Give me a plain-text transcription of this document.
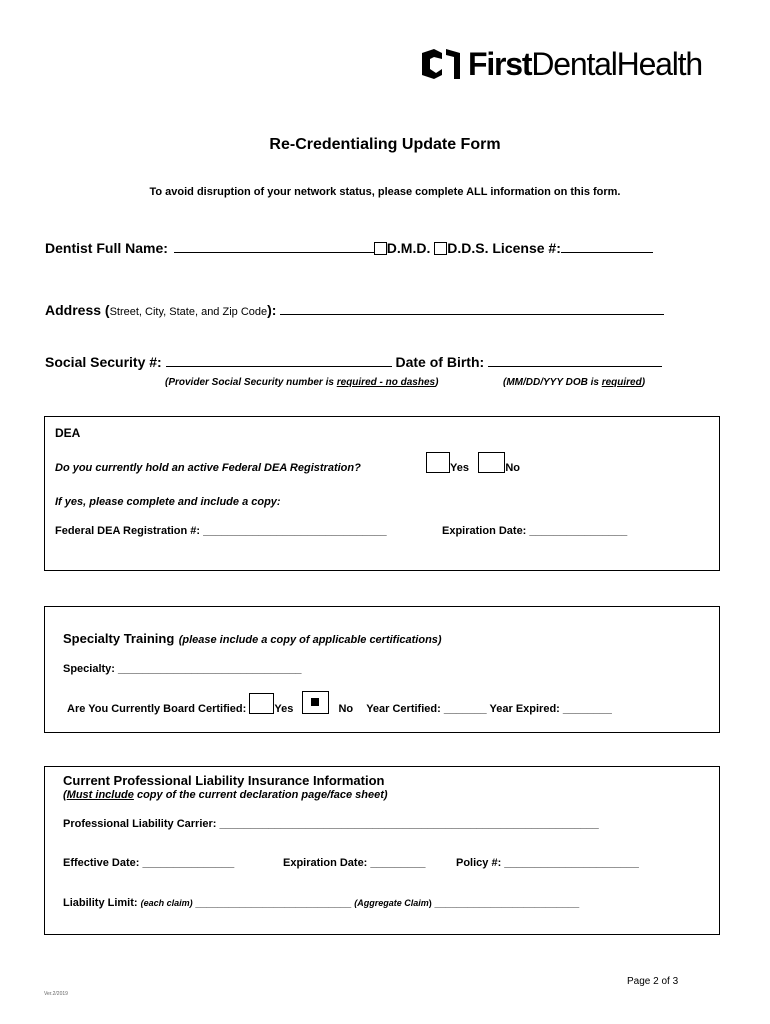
First DentalHealth
Re-Credentialing Update Form
To avoid disruption of your network status, please complete ALL information on this form.
Dentist Full Name:	D.M.D. D.D.S. License #:
Address (Street, City, State, and Zip Code):
Social Security #:	Date of Birth:
(Provider Social Security number is required - no dashes)	(MM/DD/YYY DOB is required)
DEA
Do you currently hold an active Federal DEA Registration?	Yes	No
If yes, please complete and include a copy:
Federal DEA Registration #: ______________________________	Expiration Date: ________________
Specialty Training (please include a copy of applicable certifications)
Specialty: ______________________________
Are You Currently Board Certified:	Yes	No Year Certified: _______ Year Expired: ________
Current Professional Liability Insurance Information
(Must include copy of the current declaration page/face sheet)
Professional Liability Carrier: ______________________________________________________________
Effective Date: _______________	Expiration Date: _________	Policy #: ______________________
Liability Limit: (each claim) ____________________________ (Aggregate Claim) __________________________
Page 2 of 3
Ver.2/2019
